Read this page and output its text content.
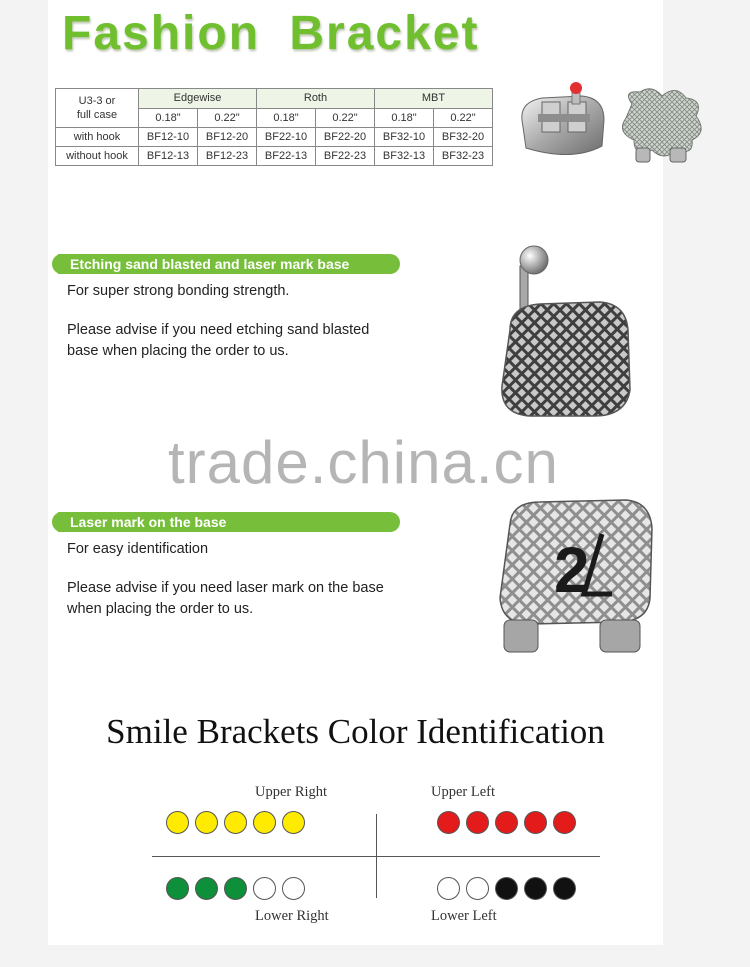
Fashion Bracket
U3-3 or
full case	Edgewise		Roth		MBT	
	0.18"	0.22"	0.18"	0.22"	0.18"	0.22"
with hook	BF12-10	BF12-20	BF22-10	BF22-20	BF32-10	BF32-20
without hook	BF12-13	BF12-23	BF22-13	BF22-23	BF32-13	BF32-23
Etching sand blasted and laser mark base
For super strong bonding strength.
Please advise if you need etching sand blasted
base when placing the order to us.
trade.china.cn
Laser mark on the base
For easy identification
Please advise if you need laser mark on the base
when placing the order to us.
2
Smile Brackets Color Identification
Upper Right	Upper Left
Lower Right	Lower Left
